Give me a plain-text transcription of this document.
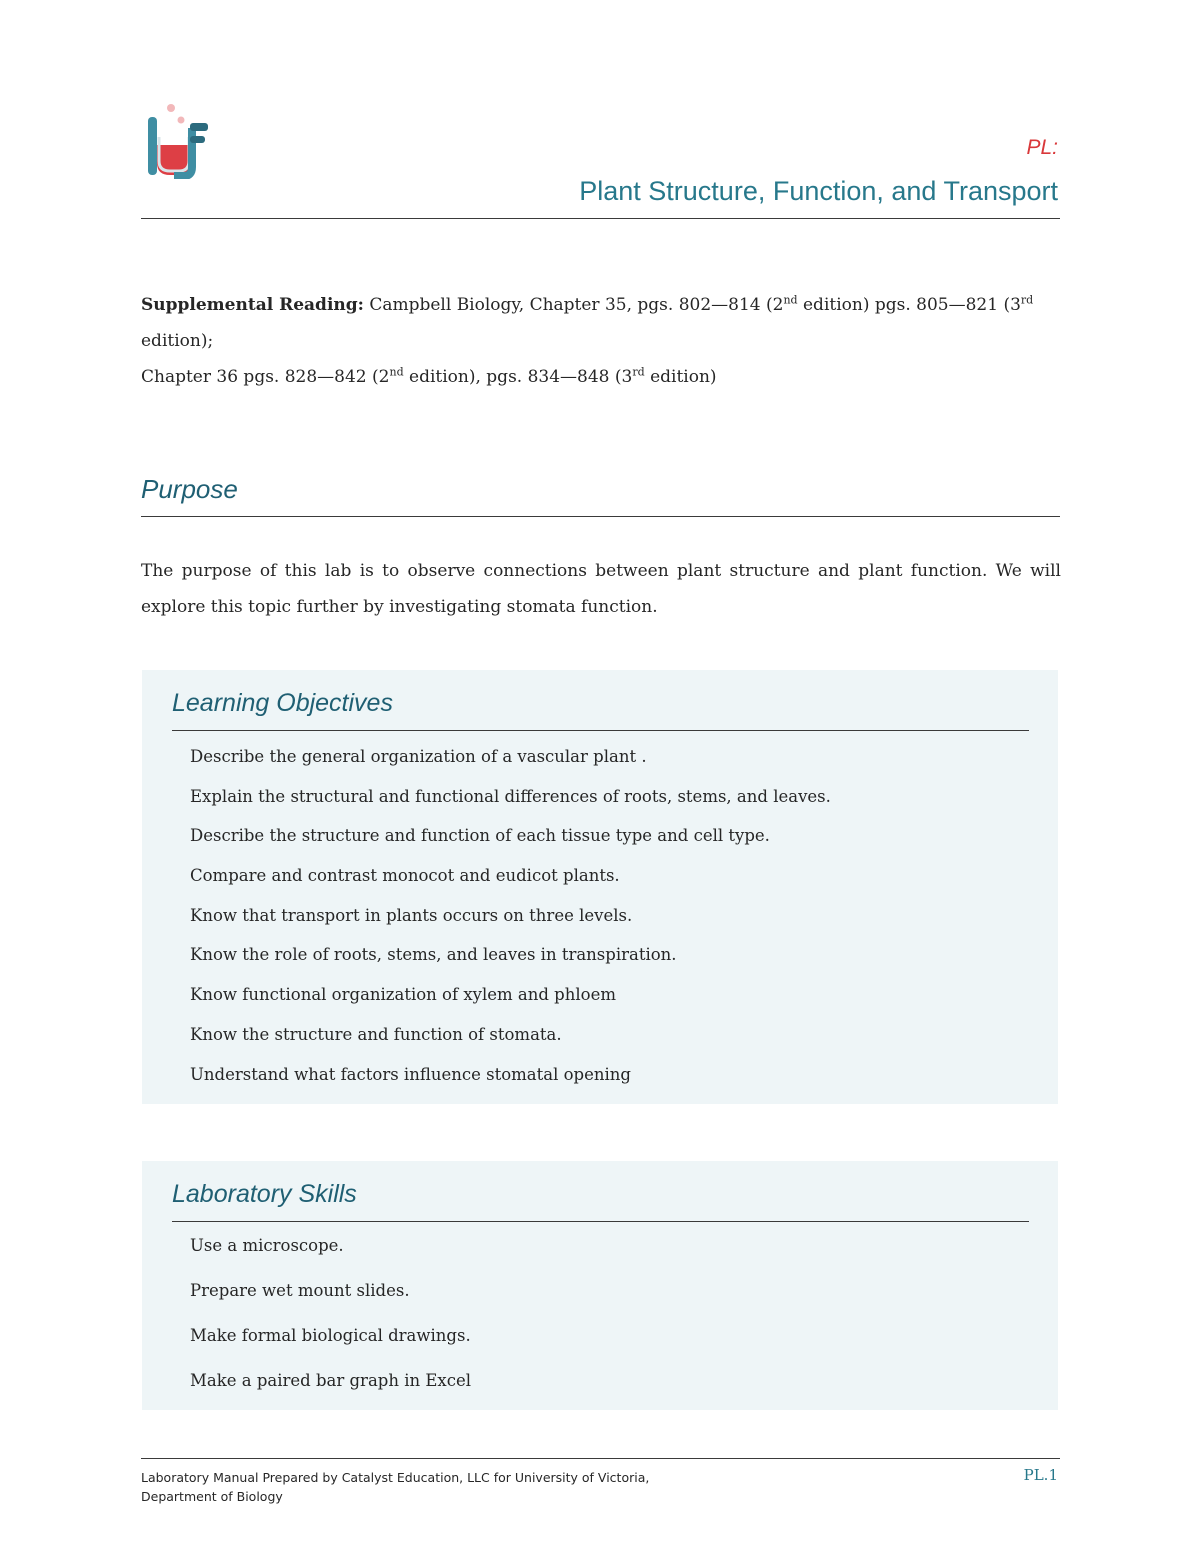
PL:
Plant Structure, Function, and Transport
Supplemental Reading: Campbell Biology, Chapter 35, pgs. 802—814 (2nd edition) pgs. 805—821 (3rd edition);
Chapter 36 pgs. 828—842 (2nd edition), pgs. 834—848 (3rd edition)
Purpose
The purpose of this lab is to observe connections between plant structure and plant function. We will explore this topic further by investigating stomata function.
Learning Objectives
Describe the general organization of a vascular plant .
Explain the structural and functional differences of roots, stems, and leaves.
Describe the structure and function of each tissue type and cell type.
Compare and contrast monocot and eudicot plants.
Know that transport in plants occurs on three levels.
Know the role of roots, stems, and leaves in transpiration.
Know functional organization of xylem and phloem
Know the structure and function of stomata.
Understand what factors influence stomatal opening
Laboratory Skills
Use a microscope.
Prepare wet mount slides.
Make formal biological drawings.
Make a paired bar graph in Excel
Laboratory Manual Prepared by Catalyst Education, LLC for University of Victoria,
Department of Biology
PL.1
